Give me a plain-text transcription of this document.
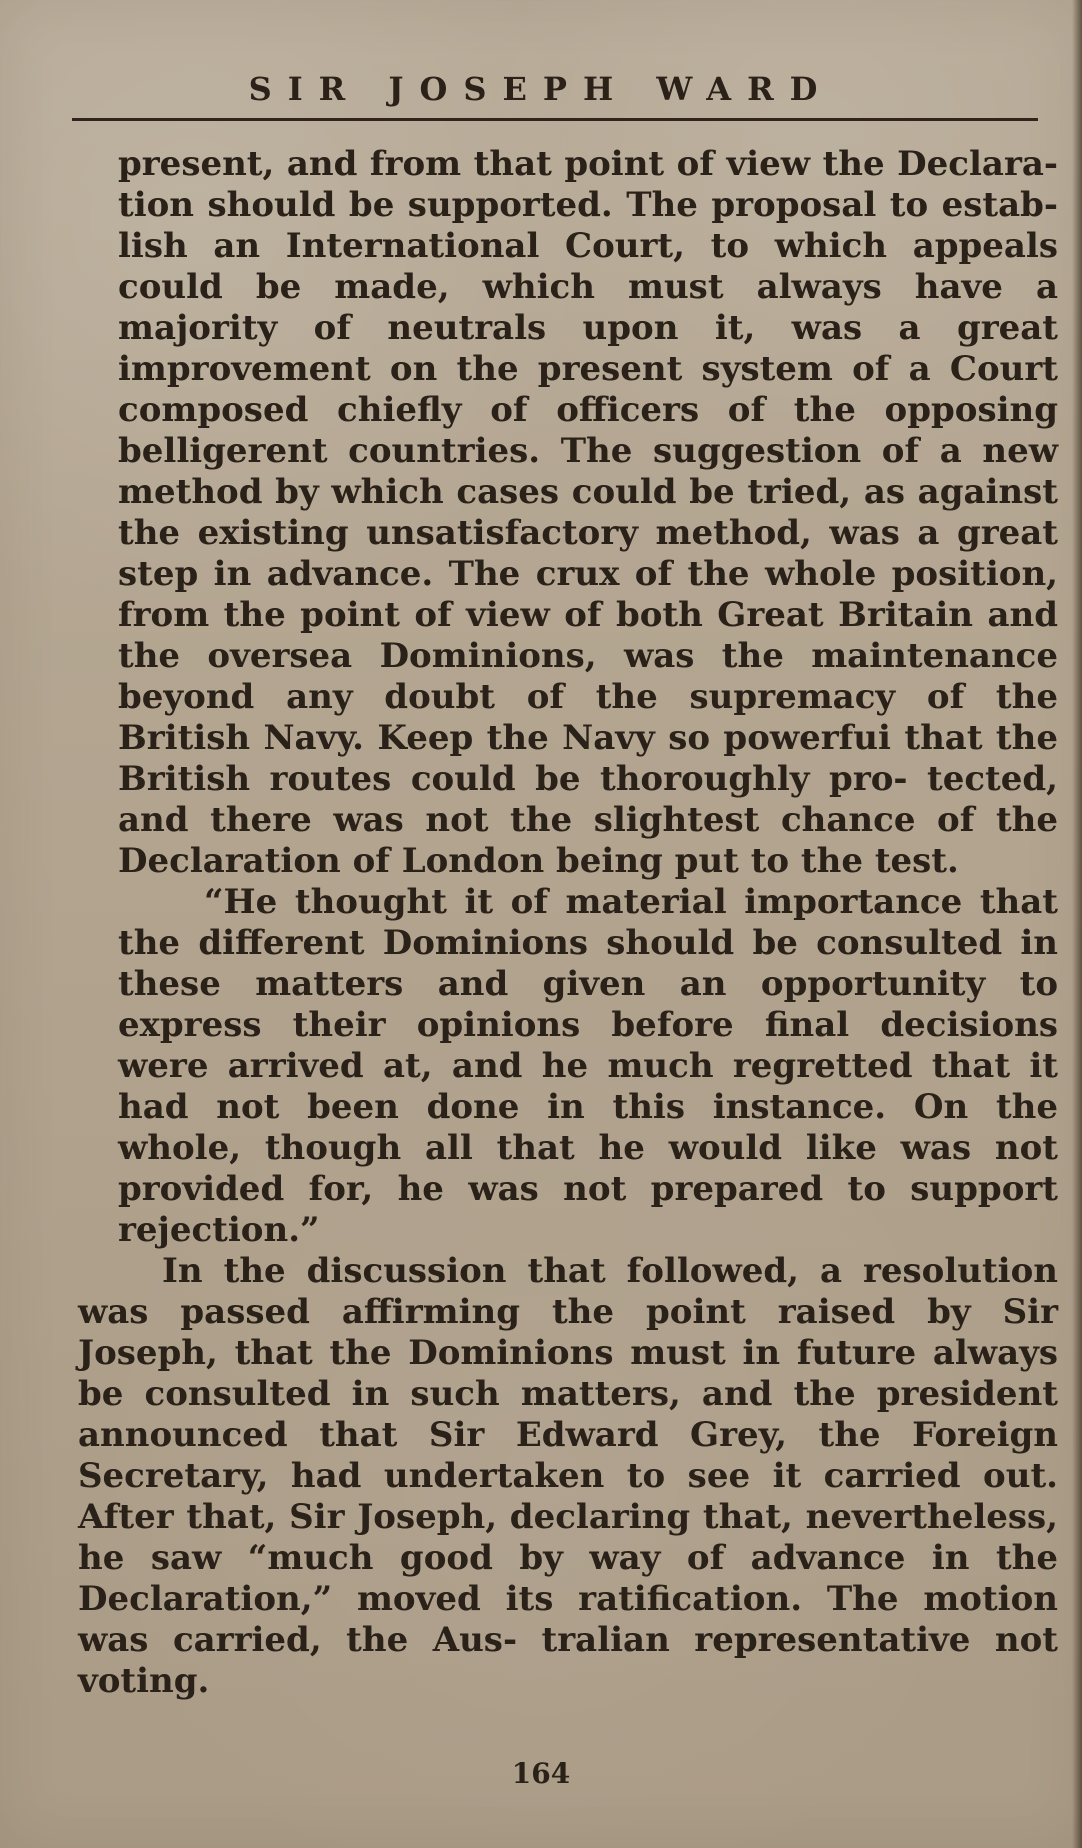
SIR JOSEPH WARD

present, and from that point of view the Declara- tion should be supported. The proposal to estab- lish an International Court, to which appeals could be made, which must always have a majority of neutrals upon it, was a great improvement on the present system of a Court composed chiefly of officers of the opposing belligerent countries. The suggestion of a new method by which cases could be tried, as against the existing unsatisfactory method, was a great step in advance. The crux of the whole position, from the point of view of both Great Britain and the oversea Dominions, was the maintenance beyond any doubt of the supremacy of the British Navy. Keep the Navy so powerfui that the British routes could be thoroughly pro- tected, and there was not the slightest chance of the Declaration of London being put to the test.

“He thought it of material importance that the different Dominions should be consulted in these matters and given an opportunity to express their opinions before final decisions were arrived at, and he much regretted that it had not been done in this instance. On the whole, though all that he would like was not provided for, he was not prepared to support rejection.”

In the discussion that followed, a resolution was passed affirming the point raised by Sir Joseph, that the Dominions must in future always be consulted in such matters, and the president announced that Sir Edward Grey, the Foreign Secretary, had undertaken to see it carried out. After that, Sir Joseph, declaring that, nevertheless, he saw “much good by way of advance in the Declaration,” moved its ratification. The motion was carried, the Aus- tralian representative not voting.

164
